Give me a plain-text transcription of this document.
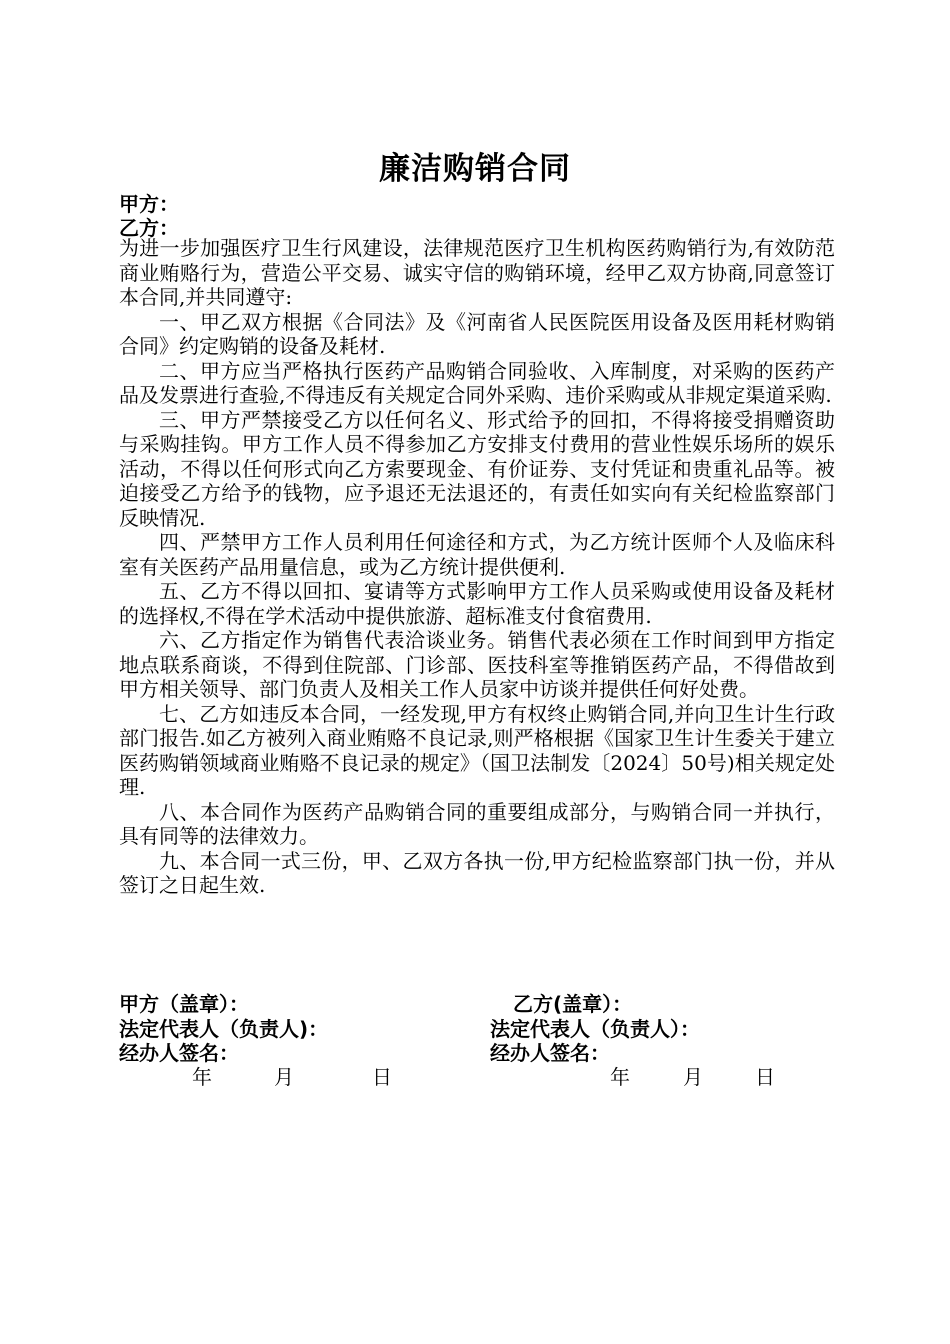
廉洁购销合同
甲方：
乙方：

为进一步加强医疗卫生行风建设，法律规范医疗卫生机构医药购销行为,有效防范商业贿赂行为，营造公平交易、诚实守信的购销环境，经甲乙双方协商,同意签订本合同,并共同遵守:

一、甲乙双方根据《合同法》及《河南省人民医院医用设备及医用耗材购销合同》约定购销的设备及耗材.

二、甲方应当严格执行医药产品购销合同验收、入库制度，对采购的医药产品及发票进行查验,不得违反有关规定合同外采购、违价采购或从非规定渠道采购.

三、甲方严禁接受乙方以任何名义、形式给予的回扣，不得将接受捐赠资助与采购挂钩。甲方工作人员不得参加乙方安排支付费用的营业性娱乐场所的娱乐活动，不得以任何形式向乙方索要现金、有价证券、支付凭证和贵重礼品等。被迫接受乙方给予的钱物，应予退还无法退还的，有责任如实向有关纪检监察部门反映情况.

四、严禁甲方工作人员利用任何途径和方式，为乙方统计医师个人及临床科室有关医药产品用量信息，或为乙方统计提供便利.

五、乙方不得以回扣、宴请等方式影响甲方工作人员采购或使用设备及耗材的选择权,不得在学术活动中提供旅游、超标准支付食宿费用.

六、乙方指定作为销售代表洽谈业务。销售代表必须在工作时间到甲方指定地点联系商谈，不得到住院部、门诊部、医技科室等推销医药产品，不得借故到甲方相关领导、部门负责人及相关工作人员家中访谈并提供任何好处费。

七、乙方如违反本合同，一经发现,甲方有权终止购销合同,并向卫生计生行政部门报告.如乙方被列入商业贿赂不良记录,则严格根据《国家卫生计生委关于建立医药购销领域商业贿赂不良记录的规定》（国卫法制发〔2024〕50号)相关规定处理.

八、本合同作为医药产品购销合同的重要组成部分，与购销合同一并执行，具有同等的法律效力。

九、本合同一式三份，甲、乙双方各执一份,甲方纪检监察部门执一份，并从签订之日起生效.

甲方（盖章）：	乙方(盖章）：
法定代表人（负责人)：	法定代表人（负责人）：
经办人签名：	经办人签名：
年	月	日	年	月	日
